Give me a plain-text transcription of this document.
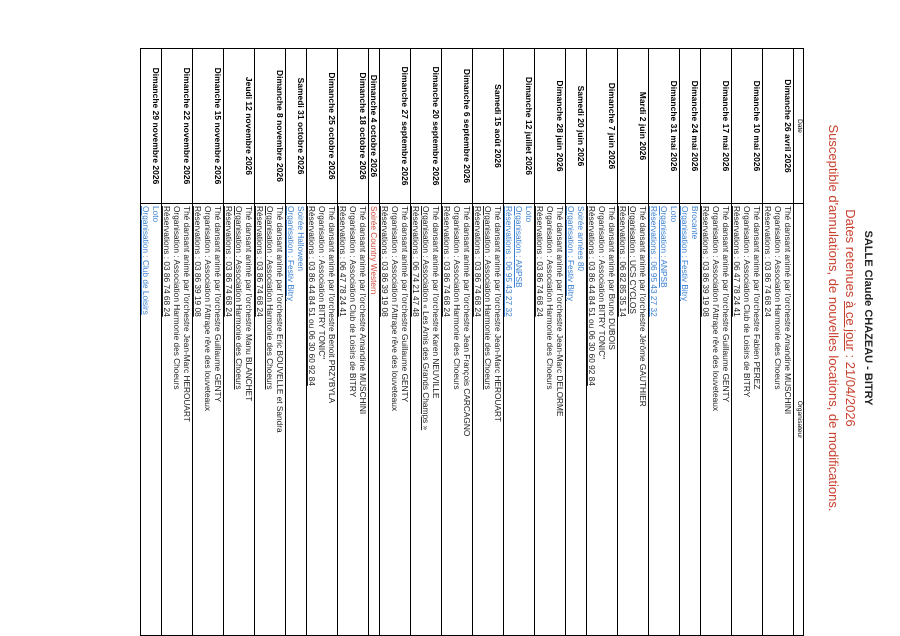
SALLE Claude CHAZEAU - BITRY
Dates retenues à ce jour : 21/04/2026
Susceptible d'annulations, de nouvelles locations, de modifications.
Date	Organisateur
Dimanche 26 avril 2026	Thé dansant animé par l'orchestre Amandine MUSCHINI
Organisation : Association Harmonie des Choeurs
Réservations : 03 86 74 68 24

Dimanche 10 mai 2026	Thé dansant animé par l'orchestre Fabien PEREZ
Organisation : Association Club de Loisirs de BITRY
Réservations : 06 47 78 24 41

Dimanche 17 mai 2026	Thé dansant animé par l'orchestre Guillaume GENTY
Organisation : Association l'Attrape rêve des louveteaux
Réservations : 03 86 39 19 08

Dimanche 24 mai 2026	Brocante
Organisation : Festiv Bitry

Dimanche 31 mai 2026	Loto
Organisation : ANPSB
Réservations : 06 95 43 27 32

Mardi 2 juin 2026	Thé dansant animé par l'orchestre Jérôme GAUTHIER
Organisation : UCS CYCLOS
Réservations : 06 82 85 35 14

Dimanche 7 juin 2026	Thé dansant animé par Bruno DUBOIS
Organisation : Association BITRY TONIC"
Réservations : 03 86 44 84 51 ou 06 30 60 92 84

Samedi 20 juin 2026	Soirée années 80
Organisation : Festiv Bitry

Dimanche 28 juin 2026	Thé dansant animé par l'orchestre Jean-Marc DELORME
Organisation : Association Harmonie des Choeurs
Réservations : 03 86 74 68 24

Dimanche 12 juillet 2026	Loto
Organisation : ANPSB
Réservations : 06 95 43 27 32

Samedi 15 août 2026	Thé dansant animé par l'orchestre Jean-Marc HEROUART
Organisation : Association Harmonie des Choeurs
Réservations : 03 86 74 68 24

Dimanche 6 septembre 2026	Thé dansant animé par l'orchestre Jean François CARCAGNO
Organisation : Association Harmonie des Choeurs
Réservations : 03 86 74 68 24

Dimanche 20 septembre 2026	Thé dansant animé par l'orchestre Karen NEUVILLE
Organisation : Association « Les Amis des Grands Champs »
Réservations : 06 74 21 47 48

Dimanche 27 septembre 2026	Thé dansant animé par l'orchestre Guillaume GENTY
Organisation : Association l'Attrape rêve des louveteaux
Réservations : 03 86 39 19 08

Dimanche 4 octobre 2026	Soirée Country Western

Dimanche 18 octobre 2026	Thé dansant animé par l'orchestre Amandine MUSCHINI
Organisation : Association Club de Loisirs de BITRY
Réservations : 06 47 78 24 41

Dimanche 25 octobre 2026	Thé dansant animé par l'orchestre Benoit PRZYBYLA
Organisation : Association BITRY TONIC"
Réservations : 03 86 44 84 51 ou 06 30 60 92 84

Samedi 31 octobre 2026	Soirée Halloween
Organisation : Festiv Bitry

Dimanche 8 novembre 2026	Thé dansant animé par l'orchestre Eric BOUVELLE et Sandra
Organisation : Association Harmonie des Choeurs
Réservations : 03 86 74 68 24

Jeudi 12 novembre 2026	Thé dansant animé par l'orchestre Manu BLANCHET
Organisation : Association Harmonie des Choeurs
Réservations : 03 86 74 68 24

Dimanche 15 novembre 2026	Thé dansant animé par l'orchestre Guillaume GENTY
Organisation : Association l'Attrape rêve des louveteaux
Réservations : 03 86 39 19 08

Dimanche 22 novembre 2026	Thé dansant animé par l'orchestre Jean-Marc HEROUART
Organisation : Association Harmonie des Choeurs
Réservations : 03 86 74 68 24

Dimanche 29 novembre 2026	Loto
Organisation : Club de Loisirs
